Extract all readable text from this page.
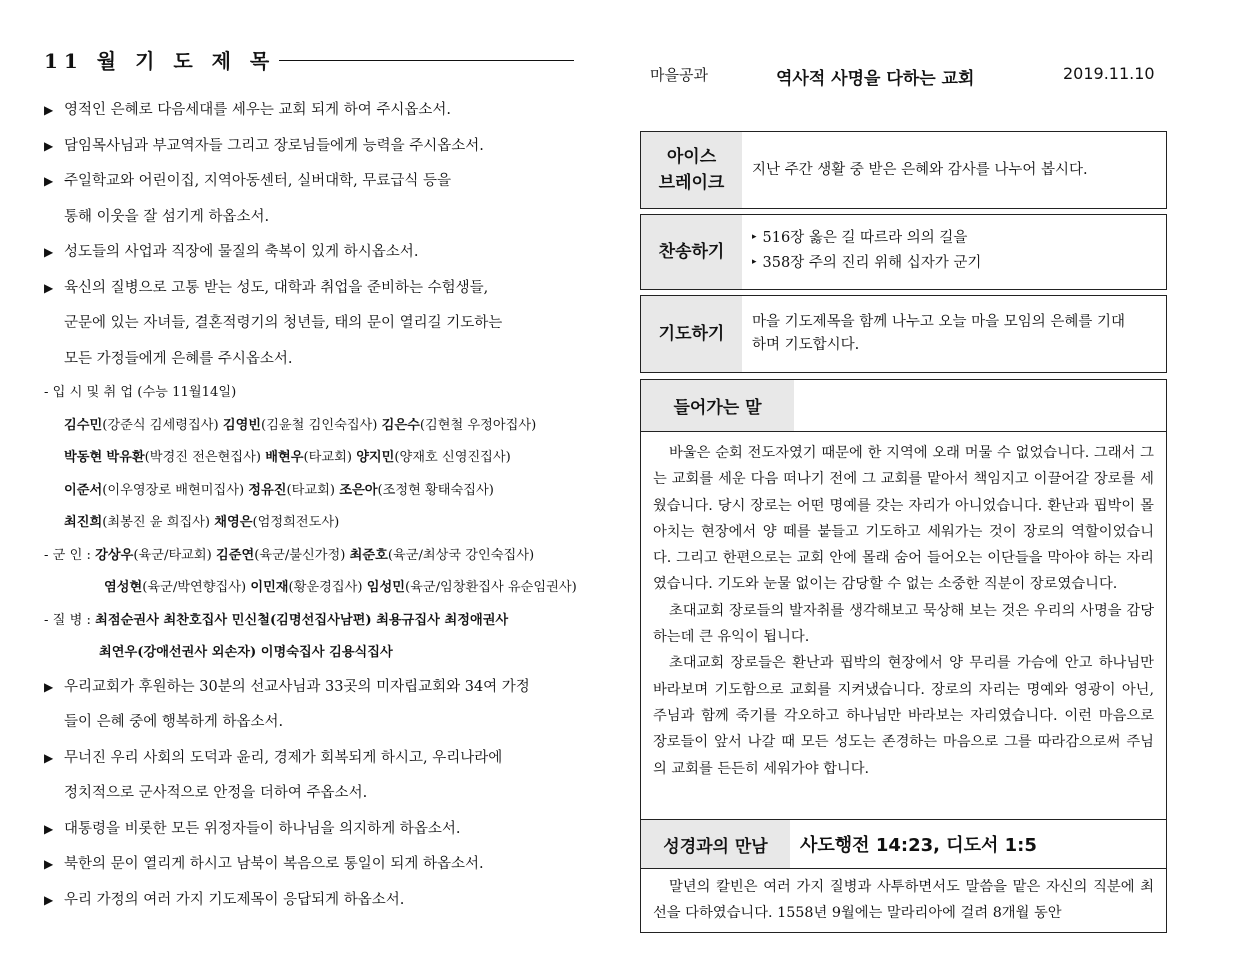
11 월 기 도 제 목
▶ 영적인 은혜로 다음세대를 세우는 교회 되게 하여 주시옵소서.
▶ 담임목사님과 부교역자들 그리고 장로님들에게 능력을 주시옵소서.
▶ 주일학교와 어린이집, 지역아동센터, 실버대학, 무료급식 등을
통해 이웃을 잘 섬기게 하옵소서.
▶ 성도들의 사업과 직장에 물질의 축복이 있게 하시옵소서.
▶ 육신의 질병으로 고통 받는 성도, 대학과 취업을 준비하는 수험생들,
군문에 있는 자녀들, 결혼적령기의 청년들, 태의 문이 열리길 기도하는
모든 가정들에게 은혜를 주시옵소서.
- 입 시 및 취 업 (수능 11월14일)
김수민(강준식 김세령집사) 김영빈(김윤철 김인숙집사) 김은수(김현철 우정아집사)
박동현 박유환(박경진 전은현집사) 배현우(타교회) 양지민(양재호 신영진집사)
이준서(이우영장로 배현미집사) 정유진(타교회) 조은아(조정현 황태숙집사)
최진희(최봉진 윤 희집사) 채영은(엄정희전도사)
- 군 인 : 강상우(육군/타교회) 김준연(육군/불신가정) 최준호(육군/최상국 강인숙집사)
염성현(육군/박연향집사) 이민재(황운경집사) 임성민(육군/임창환집사 유순임권사)
- 질 병 : 최점순권사 최찬호집사 민신철(김명선집사남편) 최용규집사 최정애권사
최연우(강애선권사 외손자) 이명숙집사 김용식집사
▶ 우리교회가 후원하는 30분의 선교사님과 33곳의 미자립교회와 34여 가정
들이 은혜 중에 행복하게 하옵소서.
▶ 무너진 우리 사회의 도덕과 윤리, 경제가 회복되게 하시고, 우리나라에
정치적으로 군사적으로 안정을 더하여 주옵소서.
▶ 대통령을 비롯한 모든 위정자들이 하나님을 의지하게 하옵소서.
▶ 북한의 문이 열리게 하시고 남북이 복음으로 통일이 되게 하옵소서.
▶ 우리 가정의 여러 가지 기도제목이 응답되게 하옵소서.
마을공과	역사적 사명을 다하는 교회	2019.11.10
아이스
브레이크
지난 주간 생활 중 받은 은혜와 감사를 나누어 봅시다.
찬송하기
▸ 516장 옳은 길 따르라 의의 길을
▸ 358장 주의 진리 위해 십자가 군기
기도하기
마을 기도제목을 함께 나누고 오늘 마을 모임의 은혜를 기대
하며 기도합시다.
들어가는 말

바울은 순회 전도자였기 때문에 한 지역에 오래 머물 수 없었습니다. 그래서 그는 교회를 세운 다음 떠나기 전에 그 교회를 맡아서 책임지고 이끌어갈 장로를 세웠습니다. 당시 장로는 어떤 명예를 갖는 자리가 아니었습니다. 환난과 핍박이 몰아치는 현장에서 양 떼를 붙들고 기도하고 세워가는 것이 장로의 역할이었습니다. 그리고 한편으로는 교회 안에 몰래 숨어 들어오는 이단들을 막아야 하는 자리였습니다. 기도와 눈물 없이는 감당할 수 없는 소중한 직분이 장로였습니다.

초대교회 장로들의 발자취를 생각해보고 묵상해 보는 것은 우리의 사명을 감당하는데 큰 유익이 됩니다.

초대교회 장로들은 환난과 핍박의 현장에서 양 무리를 가슴에 안고 하나님만 바라보며 기도함으로 교회를 지켜냈습니다. 장로의 자리는 명예와 영광이 아닌, 주님과 함께 죽기를 각오하고 하나님만 바라보는 자리였습니다. 이런 마음으로 장로들이 앞서 나갈 때 모든 성도는 존경하는 마음으로 그를 따라감으로써 주님의 교회를 든든히 세워가야 합니다.

성경과의 만남	사도행전 14:23, 디도서 1:5

말년의 칼빈은 여러 가지 질병과 사투하면서도 말씀을 맡은 자신의 직분에 최선을 다하였습니다. 1558년 9월에는 말라리아에 걸려 8개월 동안
